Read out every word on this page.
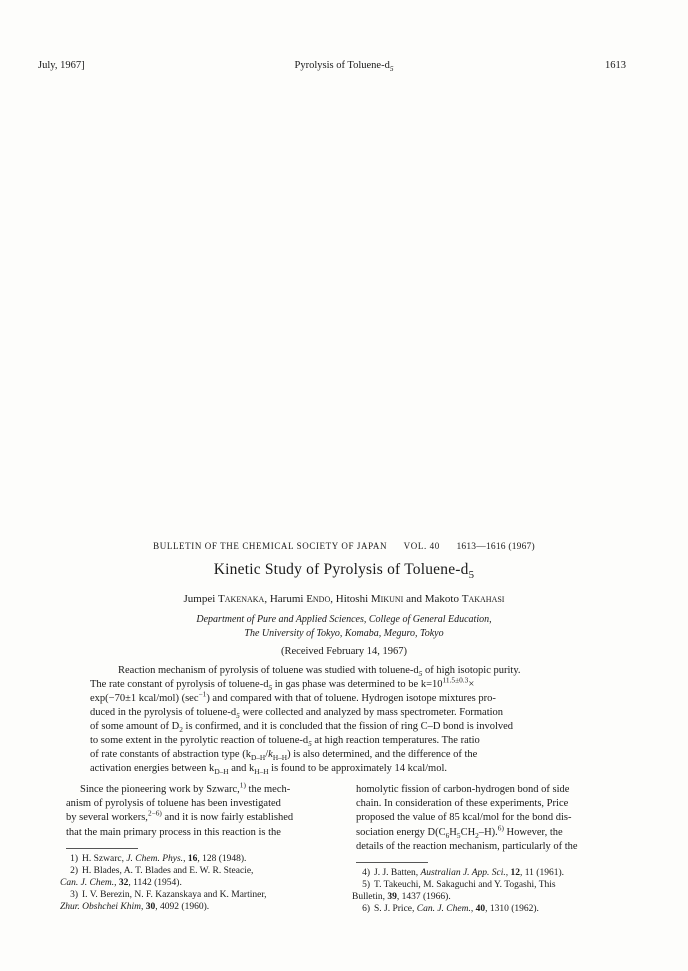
July, 1967]	Pyrolysis of Toluene-$d_5$	1613
BULLETIN OF THE CHEMICAL SOCIETY OF JAPAN VOL. 40 1613—1616 (1967)
Kinetic Study of Pyrolysis of Toluene-$d_5$
Jumpei Takenaka, Harumi Endo, Hitoshi Mikuni and Makoto Takahasi
Department of Pure and Applied Sciences, College of General Education,
The University of Tokyo, Komaba, Meguro, Tokyo
(Received February 14, 1967)
Reaction mechanism of pyrolysis of toluene was studied with toluene-$d_5$ of high isotopic purity.
The rate constant of pyrolysis of toluene-$d_5$ in gas phase was determined to be $k=10^{11.5\pm 0.3}\times$
exp(−70±1 kcal/mol) $(\sec^{-1})$ and compared with that of toluene. Hydrogen isotope mixtures pro-
duced in the pyrolysis of toluene-$d_5$ were collected and analyzed by mass spectrometer. Formation
of some amount of $D_2$ is confirmed, and it is concluded that the fission of ring C–D bond is involved
to some extent in the pyrolytic reaction of toluene-$d_5$ at high reaction temperatures. The ratio
of rate constants of abstraction type $(k_{D-H}/k_{H-H})$ is also determined, and the difference of the
activation energies between $k_{D-H}$ and $k_{H-H}$ is found to be approximately 14 kcal/mol.
Since the pioneering work by Szwarc,$^{1)}$ the mech-
anism of pyrolysis of toluene has been investigated
by several workers,$^{2-6)}$ and it is now fairly established
that the main primary process in this reaction is the
homolytic fission of carbon-hydrogen bond of side
chain. In consideration of these experiments, Price
proposed the value of 85 kcal/mol for the bond dis-
sociation energy $D(C_6H_5CH_2-H).^{6)}$ However, the
details of the reaction mechanism, particularly of the
1) H. Szwarc, J. Chem. Phys., 16, 128 (1948).
2) H. Blades, A. T. Blades and E. W. R. Steacie,
Can. J. Chem., 32, 1142 (1954).
3) I. V. Berezin, N. F. Kazanskaya and K. Martiner,
Zhur. Obshchei Khim, 30, 4092 (1960).
4) J. J. Batten, Australian J. App. Sci., 12, 11 (1961).
5) T. Takeuchi, M. Sakaguchi and Y. Togashi, This
Bulletin, 39, 1437 (1966).
6) S. J. Price, Can. J. Chem., 40, 1310 (1962).
